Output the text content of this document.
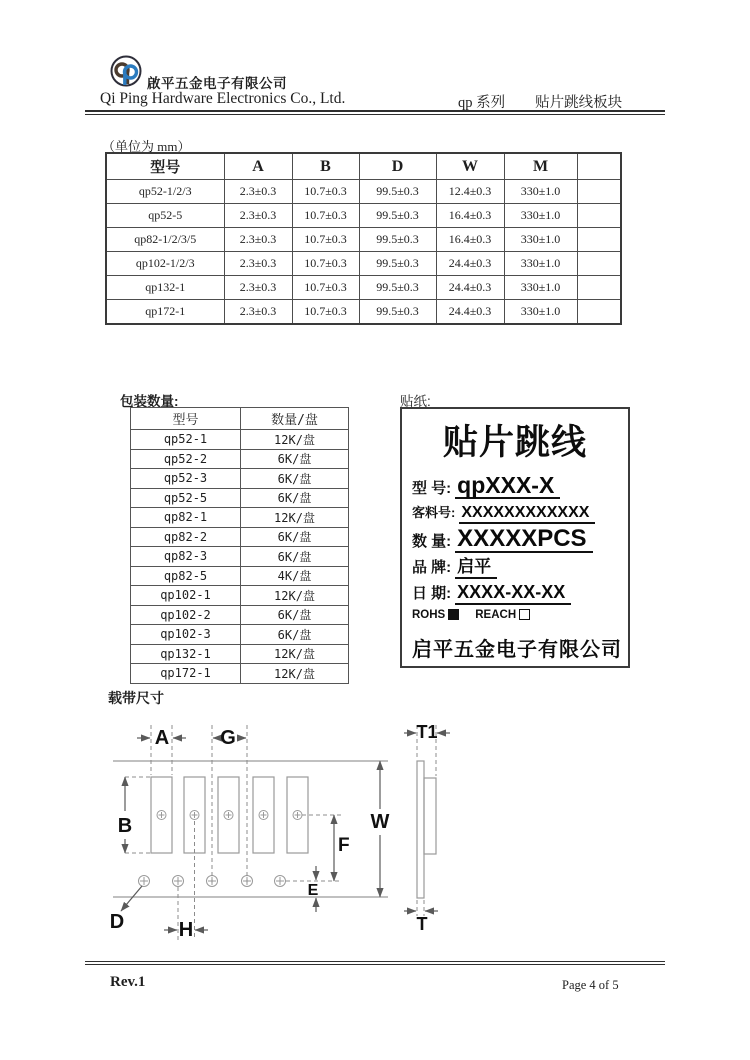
啟平五金电子有限公司
Qi Ping Hardware Electronics Co., Ltd.	qp 系列 贴片跳线板块
（单位为 mm）
型号	A	B	D	W	M	
qp52-1/2/3	2.3±0.3	10.7±0.3	99.5±0.3	12.4±0.3	330±1.0	
qp52-5	2.3±0.3	10.7±0.3	99.5±0.3	16.4±0.3	330±1.0	
qp82-1/2/3/5	2.3±0.3	10.7±0.3	99.5±0.3	16.4±0.3	330±1.0	
qp102-1/2/3	2.3±0.3	10.7±0.3	99.5±0.3	24.4±0.3	330±1.0	
qp132-1	2.3±0.3	10.7±0.3	99.5±0.3	24.4±0.3	330±1.0	
qp172-1	2.3±0.3	10.7±0.3	99.5±0.3	24.4±0.3	330±1.0	
包装数量:
型号	数量/盘
qp52-1	12K/盘
qp52-2	6K/盘
qp52-3	6K/盘
qp52-5	6K/盘
qp82-1	12K/盘
qp82-2	6K/盘
qp82-3	6K/盘
qp82-5	4K/盘
qp102-1	12K/盘
qp102-2	6K/盘
qp102-3	6K/盘
qp132-1	12K/盘
qp172-1	12K/盘
贴纸:
贴片跳线
型 号: qpXXX-X
客料号: XXXXXXXXXXXX
数 量: XXXXXPCS
品 牌: 启平
日 期: XXXX-XX-XX
ROHS	REACH
启平五金电子有限公司
载带尺寸
A	G
B	W
F
E
D	H
T1
T
Rev.1	Page 4 of 5
